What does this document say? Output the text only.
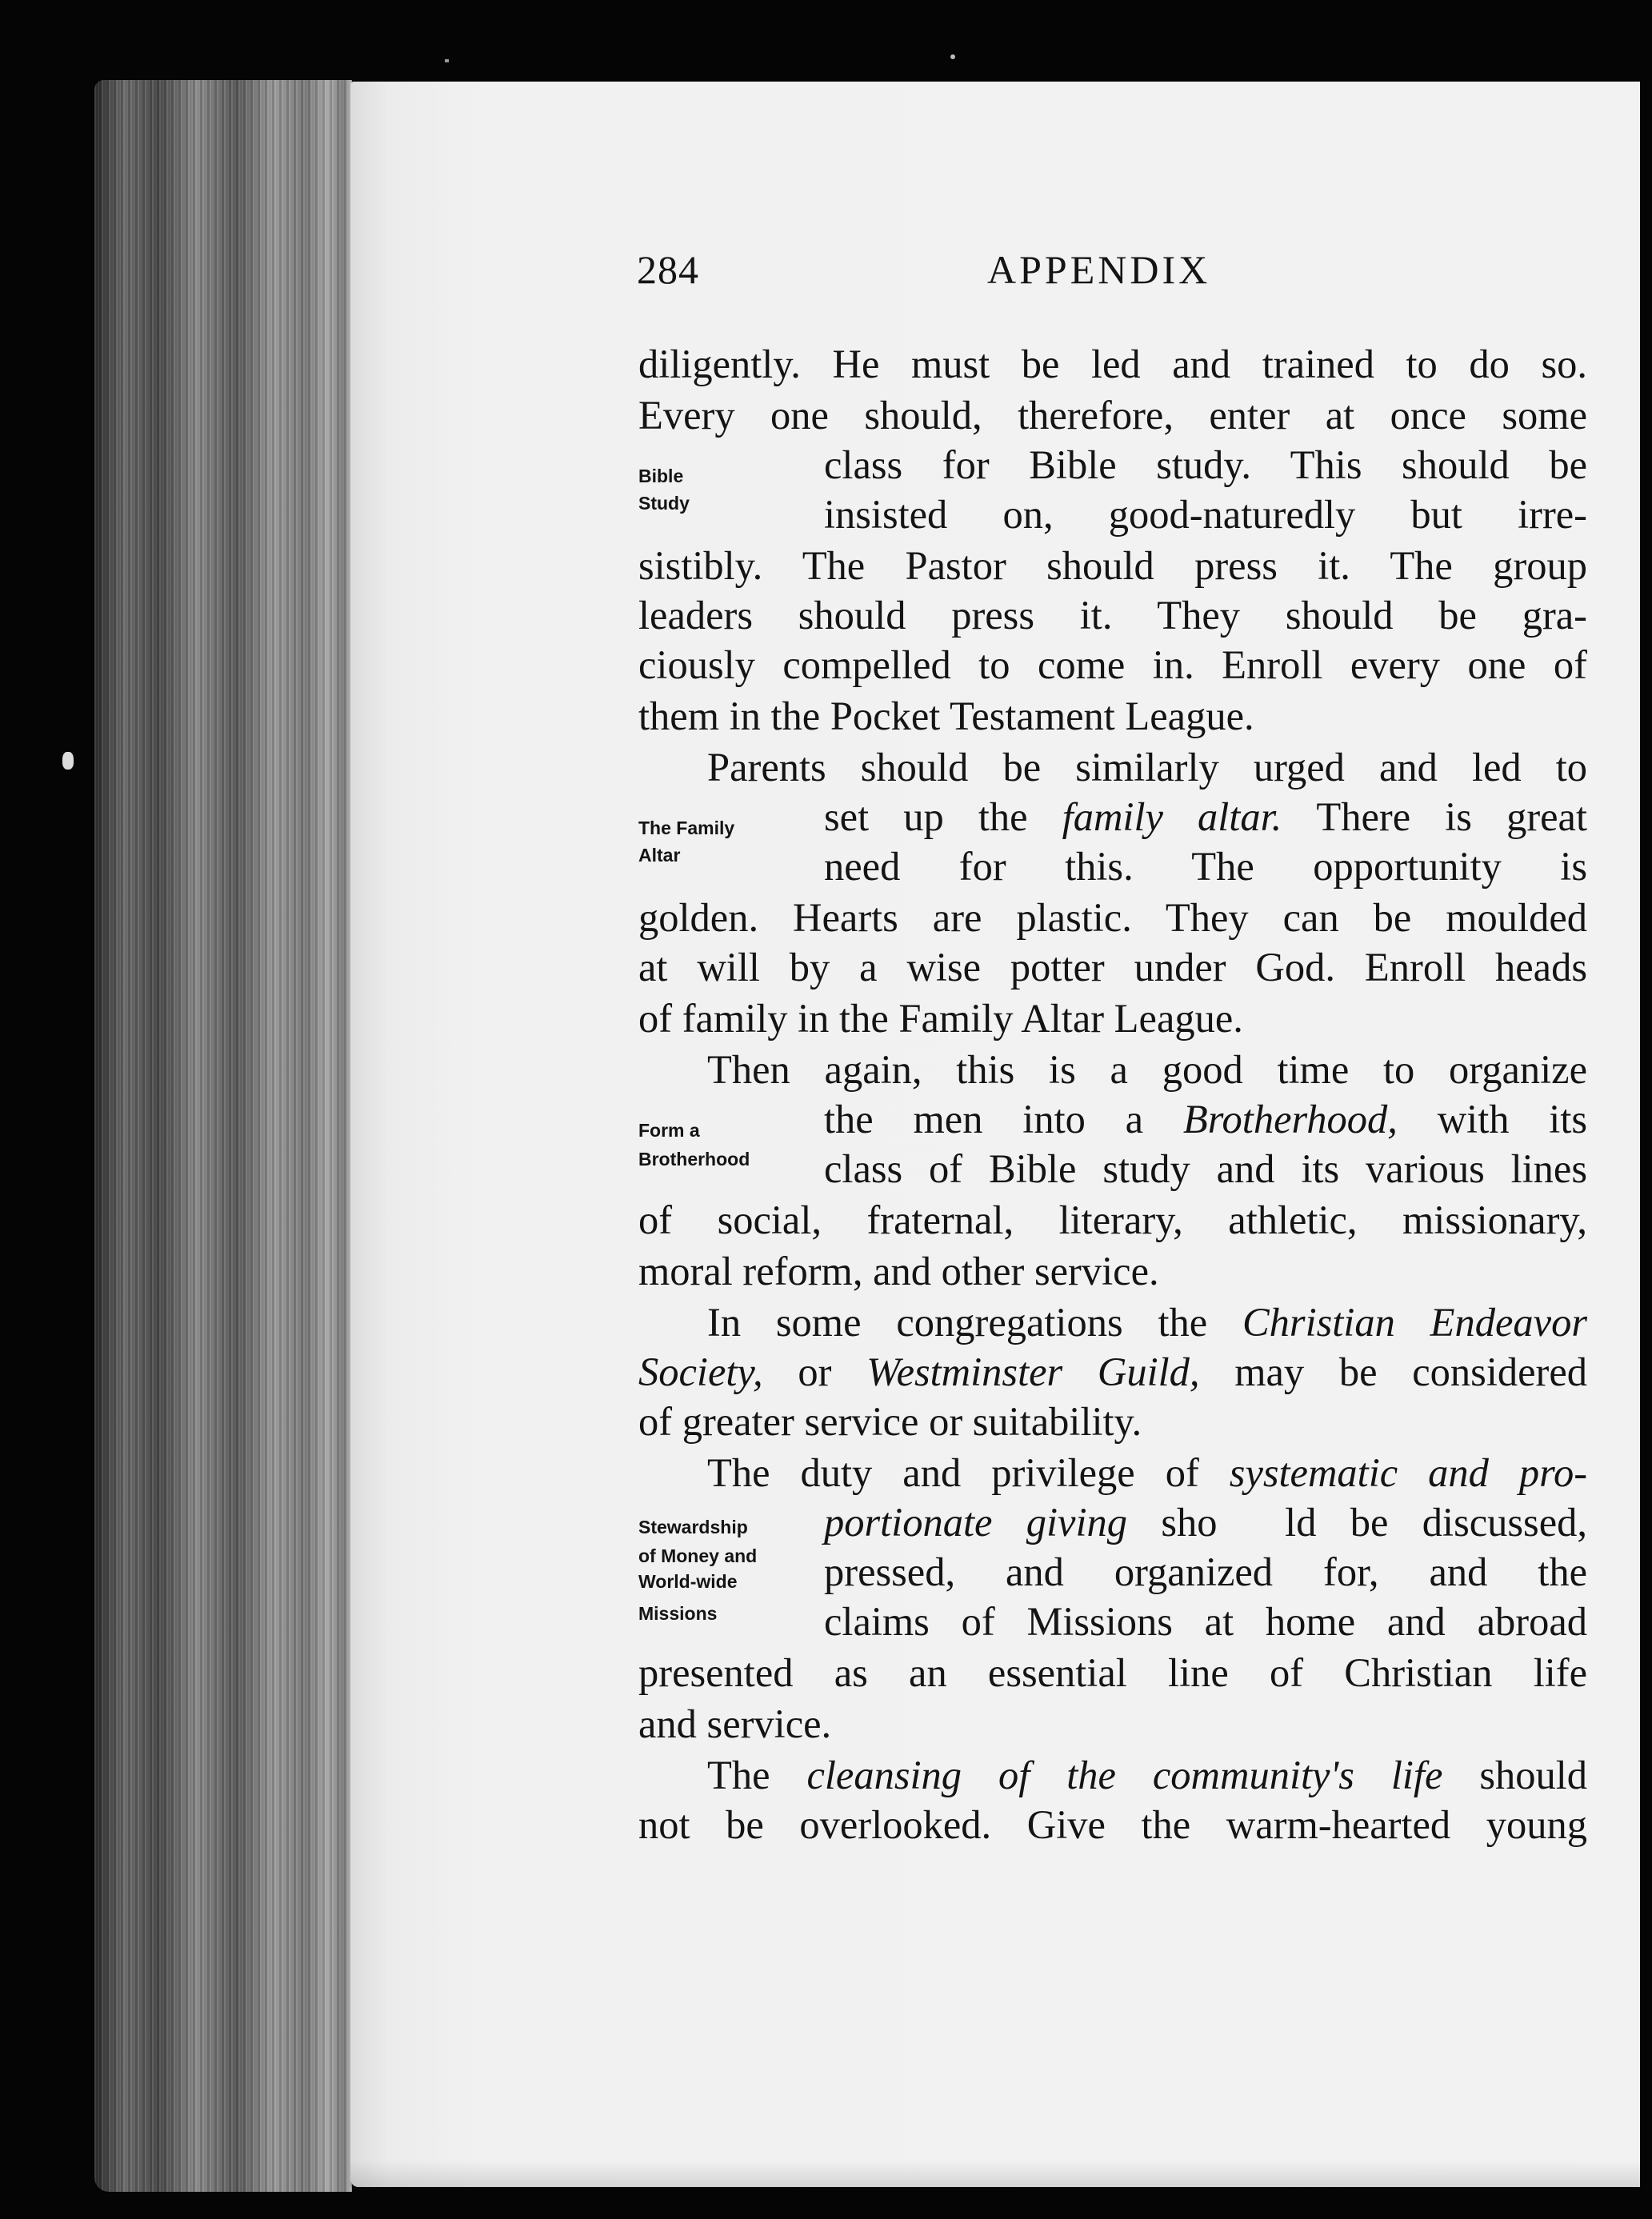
284	APPENDIX
diligently. He must be led and trained to do so.
Every one should, therefore, enter at once some
class for Bible study. This should be
insisted on, good-naturedly but irre-
sistibly. The Pastor should press it. The group
leaders should press it. They should be gra-
ciously compelled to come in. Enroll every one of
them in the Pocket Testament League.
Parents should be similarly urged and led to
set up the family altar. There is great
need for this. The opportunity is
golden. Hearts are plastic. They can be moulded
at will by a wise potter under God. Enroll heads
of family in the Family Altar League.
Then again, this is a good time to organize
the men into a Brotherhood, with its
class of Bible study and its various lines
of social, fraternal, literary, athletic, missionary,
moral reform, and other service.
In some congregations the Christian Endeavor
Society, or Westminster Guild, may be considered
of greater service or suitability.
The duty and privilege of systematic and pro-
portionate giving sho ld be discussed,
pressed, and organized for, and the
claims of Missions at home and abroad
presented as an essential line of Christian life
and service.
The cleansing of the community's life should
not be overlooked. Give the warm-hearted young
Bible
Study
The Family
Altar
Form a
Brotherhood
Stewardship
of Money and
World-wide
Missions
